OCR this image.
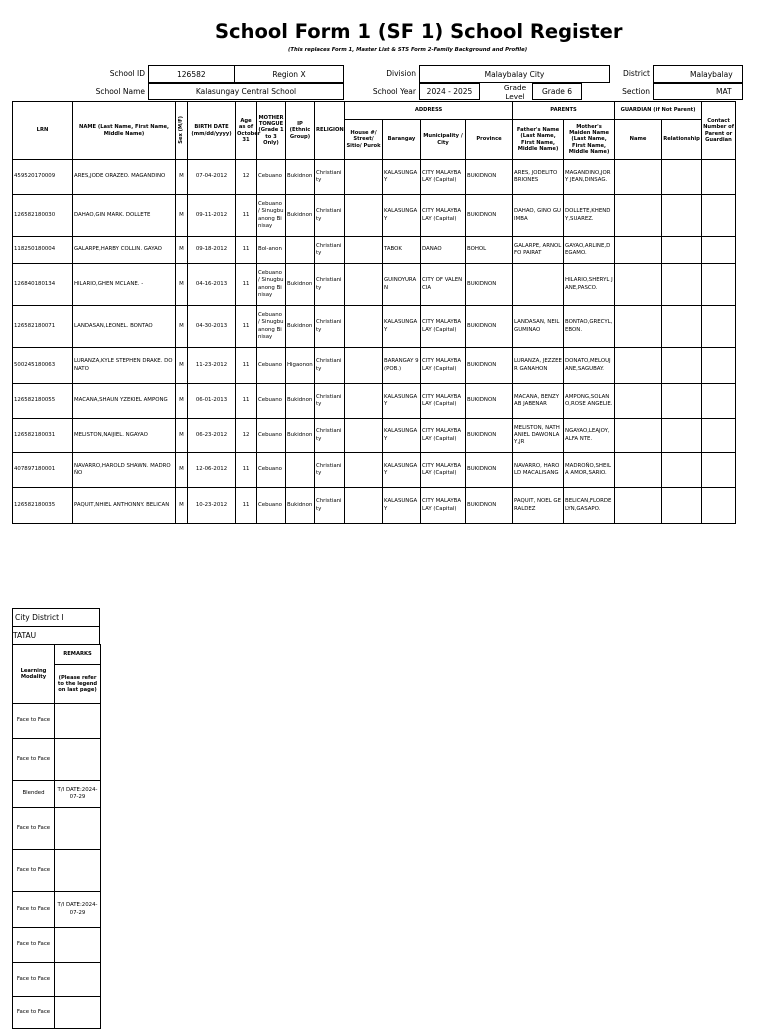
School Form 1 (SF 1) School Register
(This replaces Form 1, Master List & STS Form 2-Family Background and Profile)
School ID	126582	Region X	Division	Malaybalay City	District	Malaybalay
School Name	Kalasungay Central School	School Year	2024 - 2025	Grade Level
Grade 6	Section	MAT
LRN	NAME (Last Name, First Name, Middle Name)	Sex (M/F)	BIRTH DATE (mm/dd/yyyy)	Age as of October 31	MOTHER TONGUE (Grade 1 to 3 Only)	IP (Ethnic Group)	RELIGION	ADDRESS				PARENTS		GUARDIAN (if Not Parent)		Contact Number of Parent or Guardian
								House #/ Street/ Sitio/ Purok	Barangay	Municipality / City	Province	Father's Name (Last Name, First Name, Middle Name)	Mother's Maiden Name (Last Name, First Name, Middle Name)	Name	Relationship	
459520170009	ARES,JODE ORAZEO. MAGANDINO	M	07-04-2012	12	Cebuano	Bukidnon	Christianity		KALASUNGAY	CITY MALAYBALAY (Capital)	BUKIDNON	ARES, JODELITO BRIONES	MAGANDINO,JORY JEAN,DINSAG.			
126582180030	DAHAO,GIN MARK. DOLLETE	M	09-11-2012	11	Cebuano / Sinugbuanong Binisay	Bukidnon	Christianity		KALASUNGAY	CITY MALAYBALAY (Capital)	BUKIDNON	DAHAO, GINO GUIMBA	DOLLETE,KHENDY,SUAREZ.			
118250180004	GALARPE,HARBY COLLIN. GAYAO	M	09-18-2012	11	Bol-anon		Christianity		TABOK	DANAO	BOHOL	GALARPE, ARNOLFO PAIRAT	GAYAO,ARLINE,DEGAMO.			
126840180134	HILARIO,GHEN MCLANE. -	M	04-16-2013	11	Cebuano / Sinugbuanong Binisay	Bukidnon	Christianity		GUINOYURAN	CITY OF VALENCIA	BUKIDNON		HILARIO,SHERYL JANE,PASCO.			
126582180071	LANDASAN,LEONEL. BONTAO	M	04-30-2013	11	Cebuano / Sinugbuanong Binisay	Bukidnon	Christianity		KALASUNGAY	CITY MALAYBALAY (Capital)	BUKIDNON	LANDASAN, NEIL GUMINAO	BONTAO,GRECYL,EBON.			
500245180063	LURANZA,KYLE STEPHEN DRAKE. DONATO	M	11-23-2012	11	Cebuano	Higaonon	Christianity		BARANGAY 9 (POB.)	CITY MALAYBALAY (Capital)	BUKIDNON	LURANZA, JEZZEER GANAHON	DONATO,MELOUJANE,SAGUBAY.			
126582180055	MACANA,SHAUN YZEKIEL AMPONG	M	06-01-2013	11	Cebuano	Bukidnon	Christianity		KALASUNGAY	CITY MALAYBALAY (Capital)	BUKIDNON	MACANA, BENZYAB JABENAR	AMPONG,SOLANO,ROSE ANGELIE.			
126582180031	MELISTON,NAIJIEL. NGAYAO	M	06-23-2012	12	Cebuano	Bukidnon	Christianity		KALASUNGAY	CITY MALAYBALAY (Capital)	BUKIDNON	MELISTON, NATHANIEL DAWONLAY,JR	NGAYAO,LEAJOY,ALFA NTE.			
407897180001	NAVARRO,HAROLD SHAWN. MADROÑO	M	12-06-2012	11	Cebuano		Christianity		KALASUNGAY	CITY MALAYBALAY (Capital)	BUKIDNON	NAVARRO, HAROLD MACALISANG	MADROÑO,SHEILA AMOR,SARIO.			
126582180035	PAQUIT,NHIEL ANTHONNY. BELICAN	M	10-23-2012	11	Cebuano	Bukidnon	Christianity		KALASUNGAY	CITY MALAYBALAY (Capital)	BUKIDNON	PAQUIT, NOEL GERALDEZ	BELICAN,FLORDELYN,GASAPO.			
City District I
TATAU
Learning Modality	REMARKS
	(Please refer to the legend on last page)
Face to Face	
Face to Face	
Blended	T/I DATE:2024-07-29
Face to Face	
Face to Face	
Face to Face	T/I DATE:2024-07-29
Face to Face	
Face to Face	
Face to Face	
